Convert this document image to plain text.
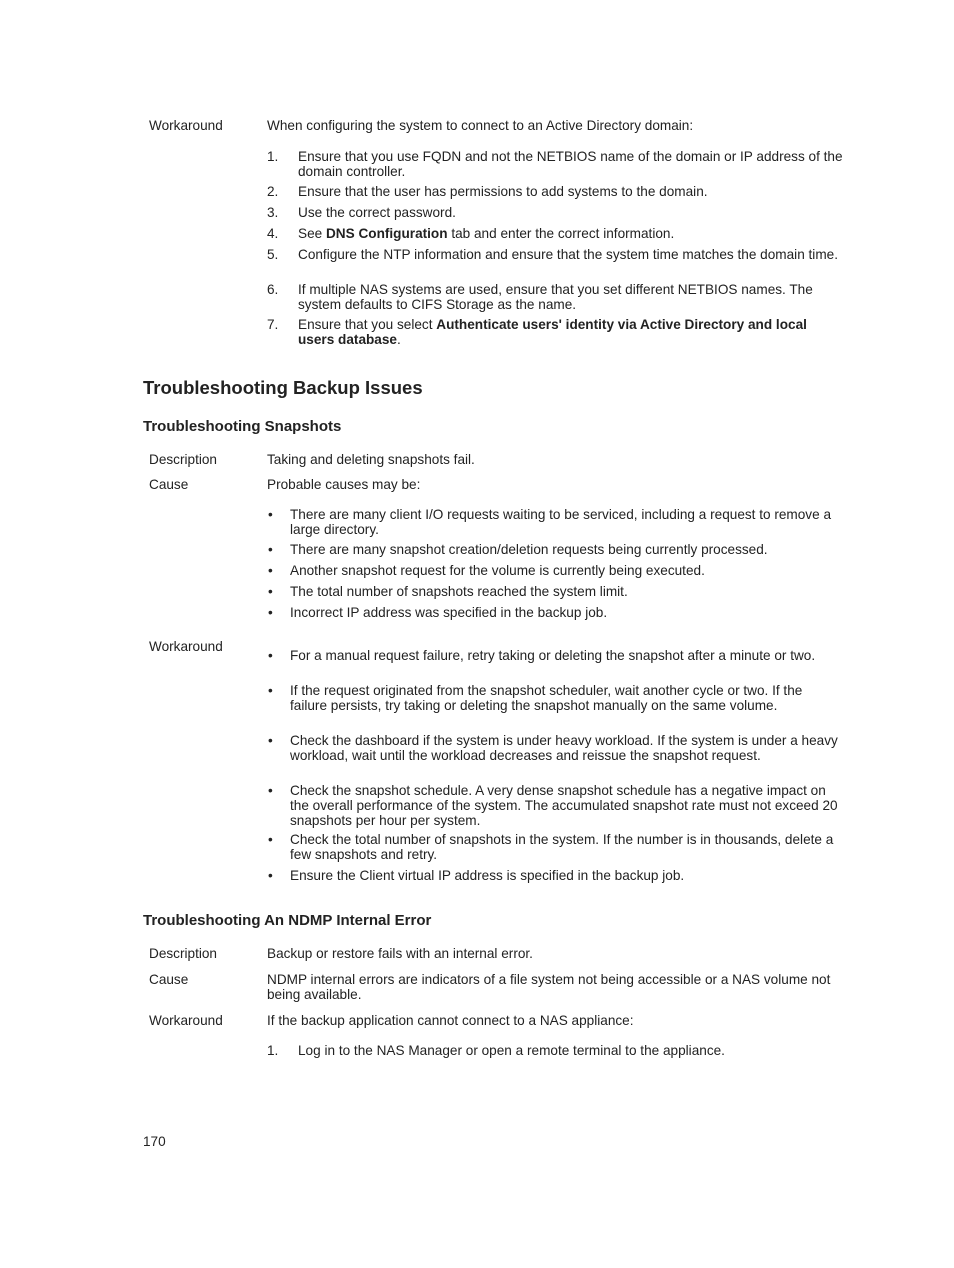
Workaround	When configuring the system to connect to an Active Directory domain:
1. Ensure that you use FQDN and not the NETBIOS name of the domain or IP address of the domain controller.
2. Ensure that the user has permissions to add systems to the domain.
3. Use the correct password.
4. See DNS Configuration tab and enter the correct information.
5. Configure the NTP information and ensure that the system time matches the domain time.
6. If multiple NAS systems are used, ensure that you set different NETBIOS names. The system defaults to CIFS Storage as the name.
7. Ensure that you select Authenticate users' identity via Active Directory and local users database.
Troubleshooting Backup Issues
Troubleshooting Snapshots
Description	Taking and deleting snapshots fail.
Cause	Probable causes may be:
• There are many client I/O requests waiting to be serviced, including a request to remove a large directory.
• There are many snapshot creation/deletion requests being currently processed.
• Another snapshot request for the volume is currently being executed.
• The total number of snapshots reached the system limit.
• Incorrect IP address was specified in the backup job.
Workaround
• For a manual request failure, retry taking or deleting the snapshot after a minute or two.
• If the request originated from the snapshot scheduler, wait another cycle or two. If the failure persists, try taking or deleting the snapshot manually on the same volume.
• Check the dashboard if the system is under heavy workload. If the system is under a heavy workload, wait until the workload decreases and reissue the snapshot request.
• Check the snapshot schedule. A very dense snapshot schedule has a negative impact on the overall performance of the system. The accumulated snapshot rate must not exceed 20 snapshots per hour per system.
• Check the total number of snapshots in the system. If the number is in thousands, delete a few snapshots and retry.
• Ensure the Client virtual IP address is specified in the backup job.
Troubleshooting An NDMP Internal Error
Description	Backup or restore fails with an internal error.
Cause	NDMP internal errors are indicators of a file system not being accessible or a NAS volume not being available.
Workaround	If the backup application cannot connect to a NAS appliance:
1. Log in to the NAS Manager or open a remote terminal to the appliance.
170
